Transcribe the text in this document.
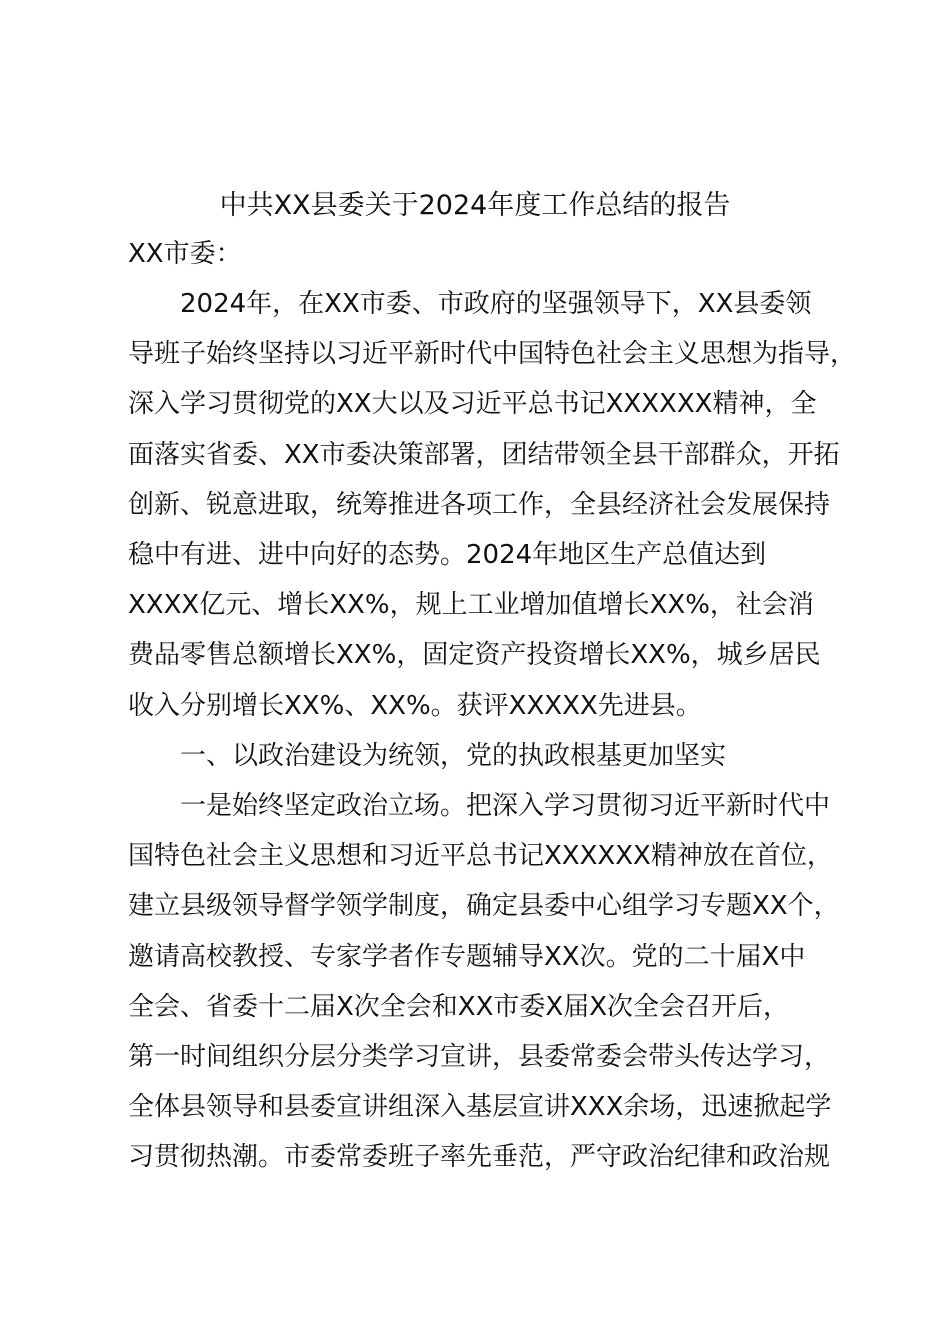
中共XX县委关于2024年度工作总结的报告
XX市委：
　　2024年，在XX市委、市政府的坚强领导下，XX县委领
导班子始终坚持以习近平新时代中国特色社会主义思想为指导，
深入学习贯彻党的XX大以及习近平总书记XXXXXX精神，全
面落实省委、XX市委决策部署，团结带领全县干部群众，开拓
创新、锐意进取，统筹推进各项工作，全县经济社会发展保持
稳中有进、进中向好的态势。2024年地区生产总值达到
XXXX亿元、增长XX%，规上工业增加值增长XX%，社会消
费品零售总额增长XX%，固定资产投资增长XX%，城乡居民
收入分别增长XX%、XX%。获评XXXXX先进县。
　　一、以政治建设为统领，党的执政根基更加坚实
　　一是始终坚定政治立场。把深入学习贯彻习近平新时代中
国特色社会主义思想和习近平总书记XXXXXX精神放在首位，
建立县级领导督学领学制度，确定县委中心组学习专题XX个，
邀请高校教授、专家学者作专题辅导XX次。党的二十届X中
全会、省委十二届X次全会和XX市委X届X次全会召开后，
第一时间组织分层分类学习宣讲，县委常委会带头传达学习，
全体县领导和县委宣讲组深入基层宣讲XXX余场，迅速掀起学
习贯彻热潮。市委常委班子率先垂范，严守政治纪律和政治规
